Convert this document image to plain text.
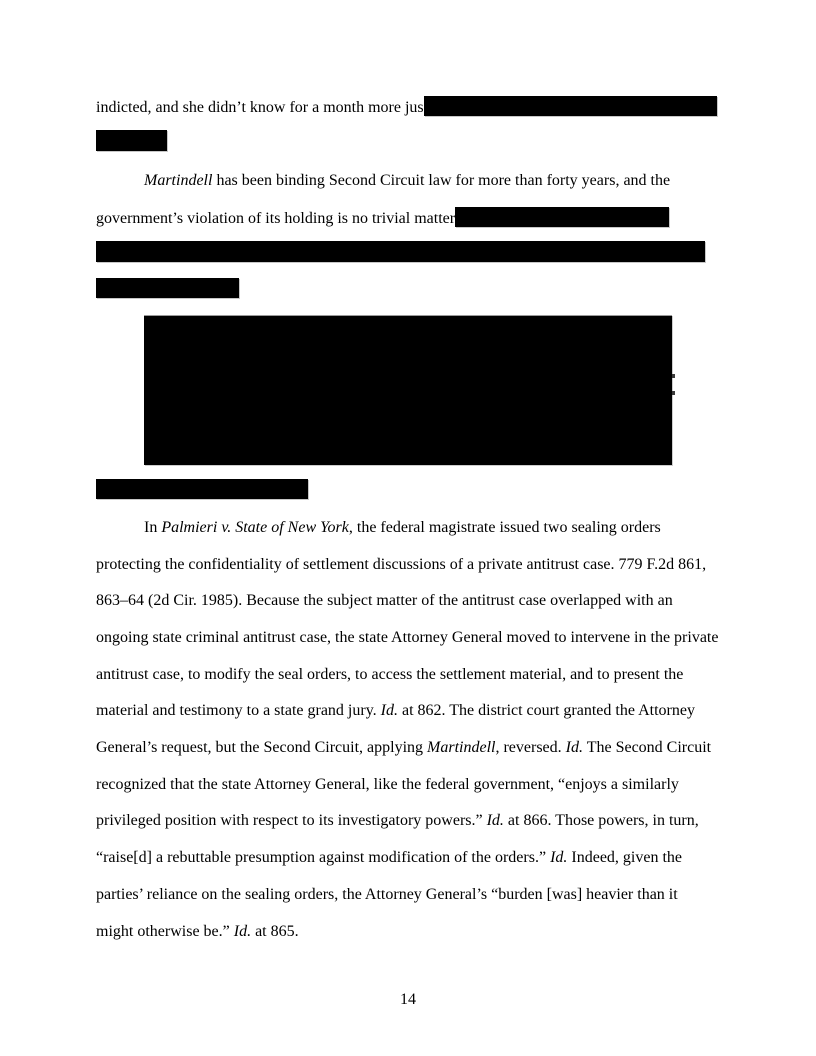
indicted, and she didn’t know for a month more jus
Martindell has been binding Second Circuit law for more than forty years, and the
government’s violation of its holding is no trivial matter
In Palmieri v. State of New York, the federal magistrate issued two sealing orders
protecting the confidentiality of settlement discussions of a private antitrust case. 779 F.2d 861,
863–64 (2d Cir. 1985). Because the subject matter of the antitrust case overlapped with an
ongoing state criminal antitrust case, the state Attorney General moved to intervene in the private
antitrust case, to modify the seal orders, to access the settlement material, and to present the
material and testimony to a state grand jury. Id. at 862. The district court granted the Attorney
General’s request, but the Second Circuit, applying Martindell, reversed. Id. The Second Circuit
recognized that the state Attorney General, like the federal government, “enjoys a similarly
privileged position with respect to its investigatory powers.” Id. at 866. Those powers, in turn,
“raise[d] a rebuttable presumption against modification of the orders.” Id. Indeed, given the
parties’ reliance on the sealing orders, the Attorney General’s “burden [was] heavier than it
might otherwise be.” Id. at 865.
14
